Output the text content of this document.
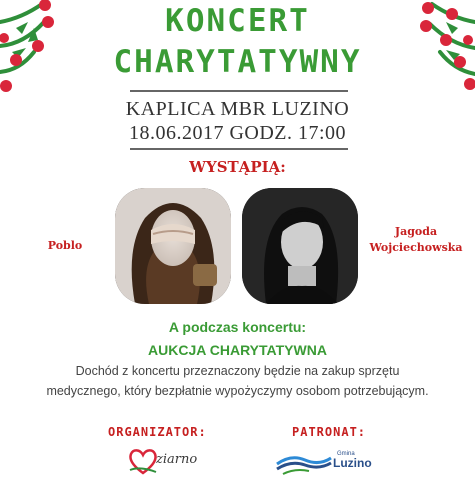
KONCERT
CHARYTATYWNY
KAPLICA MBR LUZINO
18.06.2017 GODZ. 17:00
WYSTĄPIĄ:
Poblo
Jagoda
Wojciechowska
A podczas koncertu:
AUKCJA CHARYTATYWNA
Dochód z koncertu przeznaczony będzie na zakup sprzętu
medycznego, który bezpłatnie wypożyczymy osobom potrzebującym.
ORGANIZATOR:	PATRONAT:
ziarno	Gmina
Luzino
